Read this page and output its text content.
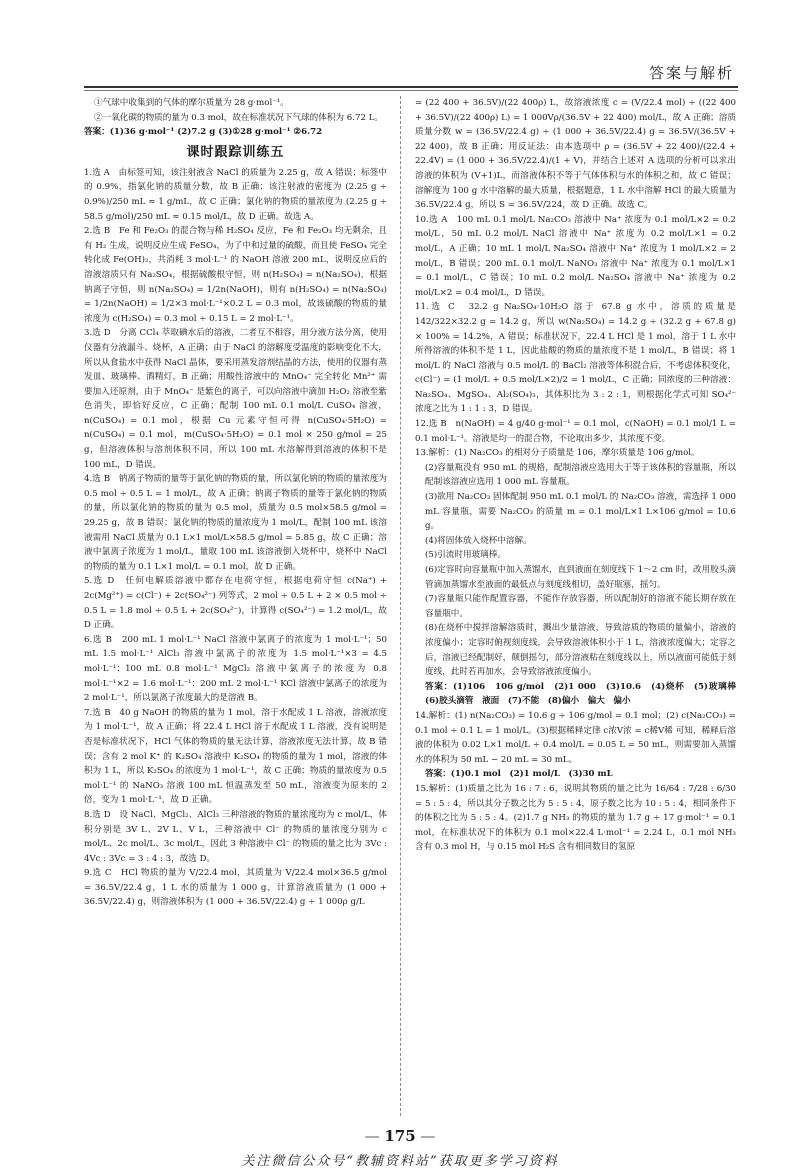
答案与解析

①气球中收集到的气体的摩尔质量为 28 g·mol⁻¹。

②一氧化碳的物质的量为 0.3 mol，故在标准状况下气球的体积为 6.72 L。

答案：(1)36 g·mol⁻¹ (2)7.2 g (3)①28 g·mol⁻¹ ②6.72

课时跟踪训练五

1.选 A　由标签可知，该注射液含 NaCl 的质量为 2.25 g，故 A 错误；标签中的 0.9%，指氯化钠的质量分数，故 B 正确；该注射液的密度为 (2.25 g ÷ 0.9%)/250 mL ≈ 1 g/mL，故 C 正确；氯化钠的物质的量浓度为 (2.25 g ÷ 58.5 g/mol)/250 mL ≈ 0.15 mol/L，故 D 正确。故选 A。

2.选 B　Fe 和 Fe₂O₃ 的混合物与稀 H₂SO₄ 反应，Fe 和 Fe₂O₃ 均无剩余，且有 H₂ 生成，说明反应生成 FeSO₄，为了中和过量的硫酸，而且使 FeSO₄ 完全转化成 Fe(OH)₂，共消耗 3 mol·L⁻¹ 的 NaOH 溶液 200 mL，说明反应后的溶液溶质只有 Na₂SO₄，根据硫酸根守恒，则 n(H₂SO₄) = n(Na₂SO₄)，根据钠离子守恒，则 n(Na₂SO₄) = 1/2n(NaOH)，则有 n(H₂SO₄) = n(Na₂SO₄) = 1/2n(NaOH) = 1/2×3 mol·L⁻¹×0.2 L = 0.3 mol，故该硫酸的物质的量浓度为 c(H₂SO₄) = 0.3 mol ÷ 0.15 L = 2 mol·L⁻¹。

3.选 D　分离 CCl₄ 萃取碘水后的溶液，二者互不相容，用分液方法分离，使用仪器有分液漏斗、烧杯，A 正确；由于 NaCl 的溶解度受温度的影响变化不大，所以从食盐水中获得 NaCl 晶体，要采用蒸发溶剂结晶的方法，使用的仪器有蒸发皿、玻璃棒、酒精灯，B 正确；用酸性溶液中的 MnO₄⁻ 完全转化 Mn²⁺ 需要加入还原剂，由于 MnO₄⁻ 是紫色的离子，可以向溶液中滴加 H₂O₂ 溶液至紫色消失，即恰好反应，C 正确；配制 100 mL 0.1 mol/L CuSO₄ 溶液，n(CuSO₄) = 0.1 mol，根据 Cu 元素守恒可得 n(CuSO₄·5H₂O) = n(CuSO₄) = 0.1 mol，m(CuSO₄·5H₂O) = 0.1 mol × 250 g/mol = 25 g，但溶液体积与溶剂体积不同，所以 100 mL 水溶解得到溶液的体积不是 100 mL，D 错误。

4.选 B　钠离子物质的量等于氯化钠的物质的量，所以氯化钠的物质的量浓度为 0.5 mol ÷ 0.5 L = 1 mol/L，故 A 正确；钠离子物质的量等于氯化钠的物质的量，所以氯化钠的物质的量为 0.5 mol，质量为 0.5 mol×58.5 g/mol = 29.25 g，故 B 错误；氯化钠的物质的量浓度为 1 mol/L，配制 100 mL 该溶液需用 NaCl 质量为 0.1 L×1 mol/L×58.5 g/mol = 5.85 g，故 C 正确；溶液中氯离子浓度为 1 mol/L，量取 100 mL 该溶液倒入烧杯中，烧杯中 NaCl 的物质的量为 0.1 L×1 mol/L = 0.1 mol，故 D 正确。

5.选 D　任何电解质溶液中都存在电荷守恒，根据电荷守恒 c(Na⁺) + 2c(Mg²⁺) = c(Cl⁻) + 2c(SO₄²⁻) 列等式，2 mol ÷ 0.5 L + 2 × 0.5 mol ÷ 0.5 L = 1.8 mol ÷ 0.5 L + 2c(SO₄²⁻)，计算得 c(SO₄²⁻) = 1.2 mol/L，故 D 正确。

6.选 B　200 mL 1 mol·L⁻¹ NaCl 溶液中氯离子的浓度为 1 mol·L⁻¹；50 mL 1.5 mol·L⁻¹ AlCl₃ 溶液中氯离子的浓度为 1.5 mol·L⁻¹×3 = 4.5 mol·L⁻¹；100 mL 0.8 mol·L⁻¹ MgCl₂ 溶液中氯离子的浓度为 0.8 mol·L⁻¹×2 = 1.6 mol·L⁻¹；200 mL 2 mol·L⁻¹ KCl 溶液中氯离子的浓度为 2 mol·L⁻¹，所以氯离子浓度最大的是溶液 B。

7.选 B　40 g NaOH 的物质的量为 1 mol，溶于水配成 1 L 溶液，溶液浓度为 1 mol·L⁻¹，故 A 正确；将 22.4 L HCl 溶于水配成 1 L 溶液，没有说明是否是标准状况下，HCl 气体的物质的量无法计算，溶液浓度无法计算，故 B 错误；含有 2 mol K⁺ 的 K₂SO₄ 溶液中 K₂SO₄ 的物质的量为 1 mol，溶液的体积为 1 L，所以 K₂SO₄ 的浓度为 1 mol·L⁻¹，故 C 正确；物质的量浓度为 0.5 mol·L⁻¹ 的 NaNO₃ 溶液 100 mL 恒温蒸发至 50 mL，溶液变为原来的 2 倍，变为 1 mol·L⁻¹，故 D 正确。

8.选 D　设 NaCl、MgCl₂、AlCl₃ 三种溶液的物质的量浓度均为 c mol/L，体积分别是 3V L、2V L、V L，三种溶液中 Cl⁻ 的物质的量浓度分别为 c mol/L、2c mol/L、3c mol/L，因此 3 种溶液中 Cl⁻ 的物质的量之比为 3Vc : 4Vc : 3Vc = 3 : 4 : 3，故选 D。

9.选 C　HCl 物质的量为 V/22.4 mol，其质量为 V/22.4 mol×36.5 g/mol = 36.5V/22.4 g，1 L 水的质量为 1 000 g，计算溶液质量为 (1 000 + 36.5V/22.4) g，则溶液体积为 (1 000 + 36.5V/22.4) g ÷ 1 000ρ g/L

= (22 400 + 36.5V)/(22 400ρ) L，故溶液浓度 c = (V/22.4 mol) ÷ ((22 400 + 36.5V)/(22 400ρ) L) = 1 000Vρ/(36.5V + 22 400) mol/L，故 A 正确；溶质质量分数 w = (36.5V/22.4 g) ÷ (1 000 + 36.5V/22.4) g = 36.5V/(36.5V + 22 400)，故 B 正确；用反证法：由本选项中 ρ = (36.5V + 22 400)/(22.4 + 22.4V) = (1 000 + 36.5V/22.4)/(1 + V)，并结合上述对 A 选项的分析可以求出溶液的体积为 (V+1)L，而溶液体积不等于气体体积与水的体积之和，故 C 错误；溶解度为 100 g 水中溶解的最大质量，根据题意，1 L 水中溶解 HCl 的最大质量为 36.5V/22.4 g，所以 S = 36.5V/224，故 D 正确。故选 C。

10.选 A　100 mL 0.1 mol/L Na₂CO₃ 溶液中 Na⁺ 浓度为 0.1 mol/L×2 = 0.2 mol/L，50 mL 0.2 mol/L NaCl 溶液中 Na⁺ 浓度为 0.2 mol/L×1 = 0.2 mol/L，A 正确；10 mL 1 mol/L Na₂SO₄ 溶液中 Na⁺ 浓度为 1 mol/L×2 = 2 mol/L，B 错误；200 mL 0.1 mol/L NaNO₃ 溶液中 Na⁺ 浓度为 0.1 mol/L×1 = 0.1 mol/L，C 错误；10 mL 0.2 mol/L Na₂SO₄ 溶液中 Na⁺ 浓度为 0.2 mol/L×2 = 0.4 mol/L，D 错误。

11.选 C　32.2 g Na₂SO₄·10H₂O 溶于 67.8 g 水中，溶质的质量是 142/322×32.2 g = 14.2 g，所以 w(Na₂SO₄) = 14.2 g ÷ (32.2 g + 67.8 g) × 100% = 14.2%，A 错误；标准状况下，22.4 L HCl 是 1 mol，溶于 1 L 水中所得溶液的体积不是 1 L，因此盐酸的物质的量浓度不是 1 mol/L，B 错误；将 1 mol/L 的 NaCl 溶液与 0.5 mol/L 的 BaCl₂ 溶液等体积混合后，不考虑体积变化，c(Cl⁻) = (1 mol/L + 0.5 mol/L×2)/2 = 1 mol/L，C 正确；同浓度的三种溶液：Na₂SO₄、MgSO₄、Al₂(SO₄)₃，其体积比为 3 : 2 : 1，则根据化学式可知 SO₄²⁻ 浓度之比为 1 : 1 : 3，D 错误。

12.选 B　n(NaOH) = 4 g/40 g·mol⁻¹ = 0.1 mol，c(NaOH) = 0.1 mol/1 L = 0.1 mol·L⁻¹。溶液是均一的混合物，不论取出多少，其浓度不变。

13.解析：(1) Na₂CO₃ 的相对分子质量是 106，摩尔质量是 106 g/mol。

(2)容量瓶没有 950 mL 的规格，配制溶液应选用大于等于该体积的容量瓶，所以配制该溶液应选用 1 000 mL 容量瓶。

(3)欲用 Na₂CO₃ 固体配制 950 mL 0.1 mol/L 的 Na₂CO₃ 溶液，需选择 1 000 mL 容量瓶，需要 Na₂CO₃ 的质量 m = 0.1 mol/L×1 L×106 g/mol = 10.6 g。

(4)将固体放入烧杯中溶解。

(5)引流时用玻璃棒。

(6)定容时向容量瓶中加入蒸馏水，直到液面在刻度线下 1～2 cm 时，改用胶头滴管滴加蒸馏水至液面的最低点与刻度线相切，盖好瓶塞，摇匀。

(7)容量瓶只能作配置容器，不能作存放容器，所以配制好的溶液不能长期存放在容量瓶中。

(8)在烧杯中搅拌溶解溶质时，溅出少量溶液，导致溶质的物质的量偏小，溶液的浓度偏小；定容时俯视刻度线，会导致溶液体积小于 1 L，溶液浓度偏大；定容之后，溶液已经配制好，颠倒摇匀，部分溶液粘在刻度线以上，所以液面可能低于刻度线，此时若再加水，会导致溶液浓度偏小。

答案：(1)106　106 g/mol　(2)1 000　(3)10.6　(4)烧杯　(5)玻璃棒　(6)胶头滴管　液面　(7)不能　(8)偏小　偏大　偏小

14.解析：(1) n(Na₂CO₃) = 10.6 g ÷ 106 g/mol = 0.1 mol；(2) c(Na₂CO₃) = 0.1 mol ÷ 0.1 L = 1 mol/L。(3)根据稀释定律 c浓V浓 = c稀V稀 可知，稀释后溶液的体积为 0.02 L×1 mol/L ÷ 0.4 mol/L = 0.05 L = 50 mL，则需要加入蒸馏水的体积为 50 mL − 20 mL = 30 mL。

答案：(1)0.1 mol　(2)1 mol/L　(3)30 mL

15.解析：(1)质量之比为 16 : 7 : 6，说明其物质的量之比为 16/64 : 7/28 : 6/30 = 5 : 5 : 4，所以其分子数之比为 5 : 5 : 4，原子数之比为 10 : 5 : 4，相同条件下的体积之比为 5 : 5 : 4。(2)1.7 g NH₃ 的物质的量为 1.7 g ÷ 17 g·mol⁻¹ = 0.1 mol，在标准状况下的体积为 0.1 mol×22.4 L·mol⁻¹ = 2.24 L，0.1 mol NH₃ 含有 0.3 mol H，与 0.15 mol H₂S 含有相同数目的氢原

— 175 —
关注微信公众号“教辅资料站”获取更多学习资料
